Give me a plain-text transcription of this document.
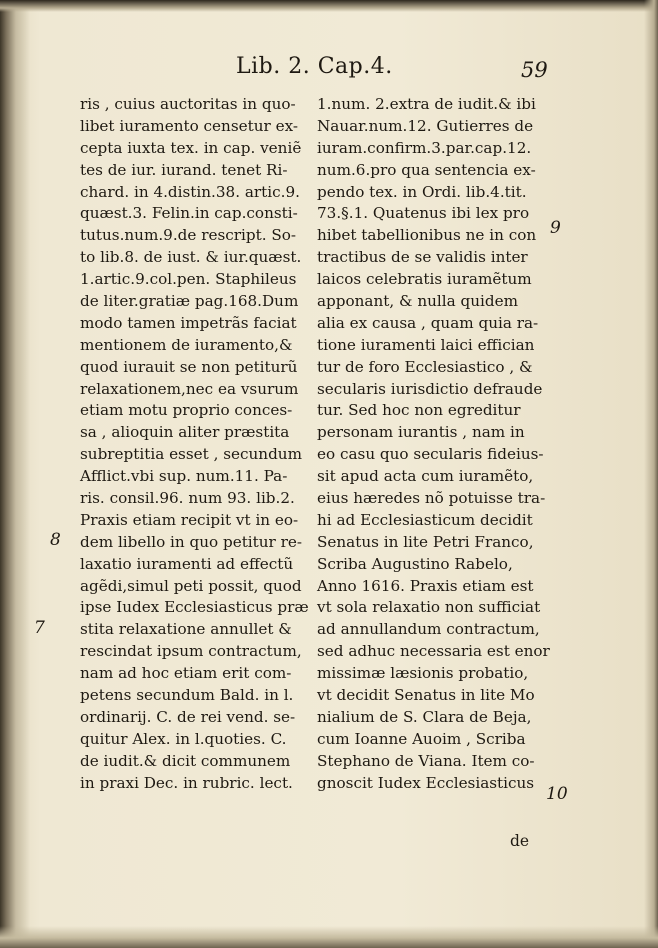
Lib. 2. Cap.4.	59
ris , cuius auctoritas in quo-
libet iuramento censetur ex-
cepta iuxta tex. in cap. veniẽ
tes de iur. iurand. tenet Ri-
chard. in 4.distin.38. artic.9.
quæst.3. Felin.in cap.consti-
tutus.num.9.de rescript. So-
to lib.8. de iust. & iur.quæst.
1.artic.9.col.pen. Staphileus
de liter.gratiæ pag.168.Dum
modo tamen impetrãs faciat
mentionem de iuramento,&
quod iurauit se non petiturũ
relaxationem,nec ea vsurum
etiam motu proprio conces-
sa , alioquin aliter præstita
subreptitia esset , secundum
Afflict.vbi sup. num.11. Pa-
ris. consil.96. num 93. lib.2.
Praxis etiam recipit vt in eo-
dem libello in quo petitur re-
laxatio iuramenti ad effectũ
agẽdi,simul peti possit, quod
ipse Iudex Ecclesiasticus præ
stita relaxatione annullet &
rescindat ipsum contractum,
nam ad hoc etiam erit com-
petens secundum Bald. in l.
ordinarij. C. de rei vend. se-
quitur Alex. in l.quoties. C.
de iudit.& dicit communem
in praxi Dec. in rubric. lect.
1.num. 2.extra de iudit.& ibi
Nauar.num.12. Gutierres de
iuram.confirm.3.par.cap.12.
num.6.pro qua sentencia ex-
pendo tex. in Ordi. lib.4.tit.
73.§.1. Quatenus ibi lex pro
hibet tabellionibus ne in con
tractibus de se validis inter
laicos celebratis iuramẽtum
apponant, & nulla quidem
alia ex causa , quam quia ra-
tione iuramenti laici effician
tur de foro Ecclesiastico , &
secularis iurisdictio defraude
tur. Sed hoc non egreditur
personam iurantis , nam in
eo casu quo secularis fideius-
sit apud acta cum iuramẽto,
eius hæredes nõ potuisse tra-
hi ad Ecclesiasticum decidit
Senatus in lite Petri Franco,
Scriba Augustino Rabelo,
Anno 1616. Praxis etiam est
vt sola relaxatio non sufficiat
ad annullandum contractum,
sed adhuc necessaria est enor
missimæ læsionis probatio,
vt decidit Senatus in lite Mo
nialium de S. Clara de Beja,
cum Ioanne Auoim , Scriba
Stephano de Viana. Item co-
gnoscit Iudex Ecclesiasticus
9
8
7
10
de
